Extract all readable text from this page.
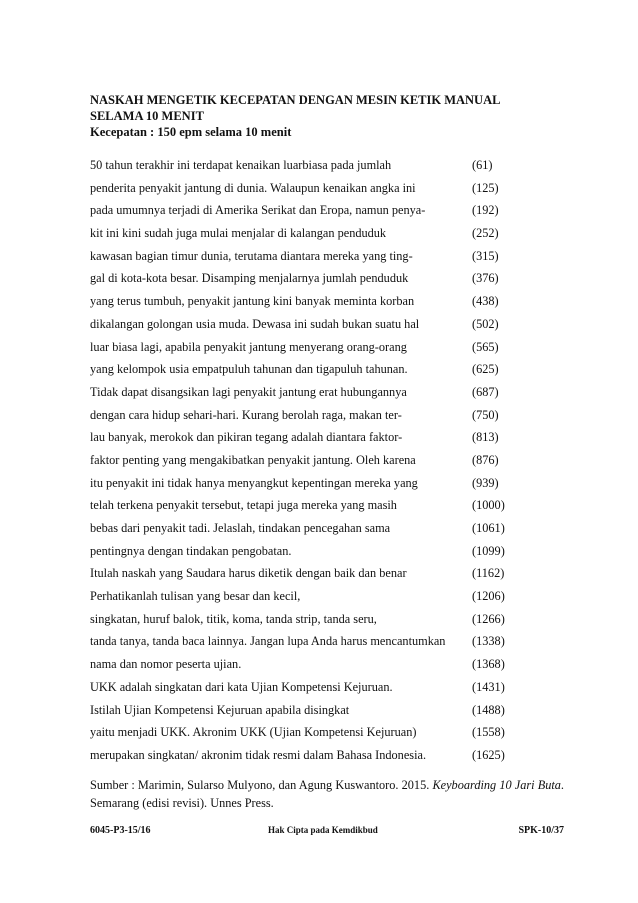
NASKAH MENGETIK KECEPATAN DENGAN MESIN KETIK MANUAL
SELAMA 10 MENIT
Kecepatan : 150 epm selama 10 menit
50 tahun terakhir ini terdapat kenaikan luarbiasa pada jumlah	(61)
penderita penyakit jantung di dunia. Walaupun kenaikan angka ini	(125)
pada umumnya terjadi di Amerika Serikat dan Eropa, namun penya-	(192)
kit ini kini sudah juga mulai menjalar di kalangan penduduk	(252)
kawasan bagian timur dunia, terutama diantara mereka yang ting-	(315)
gal di kota-kota besar. Disamping menjalarnya jumlah penduduk	(376)
yang terus tumbuh, penyakit jantung kini banyak meminta korban	(438)
dikalangan golongan usia muda. Dewasa ini sudah bukan suatu hal	(502)
luar biasa lagi, apabila penyakit jantung menyerang orang-orang	(565)
yang kelompok usia empatpuluh tahunan dan tigapuluh tahunan.	(625)
Tidak dapat disangsikan lagi penyakit jantung erat hubungannya	(687)
dengan cara hidup sehari-hari. Kurang berolah raga, makan ter-	(750)
lau banyak, merokok dan pikiran tegang adalah diantara faktor-	(813)
faktor penting yang mengakibatkan penyakit jantung. Oleh karena	(876)
itu penyakit ini tidak hanya menyangkut kepentingan mereka yang	(939)
telah terkena penyakit tersebut, tetapi juga mereka yang masih	(1000)
bebas dari penyakit tadi. Jelaslah, tindakan pencegahan sama	(1061)
pentingnya dengan tindakan pengobatan.	(1099)
Itulah naskah yang Saudara harus diketik dengan baik dan benar	(1162)
Perhatikanlah tulisan yang besar dan kecil,	(1206)
singkatan, huruf balok, titik, koma, tanda strip, tanda seru,	(1266)
tanda tanya, tanda baca lainnya. Jangan lupa Anda harus mencantumkan (1338)
nama dan nomor peserta ujian.	(1368)
UKK adalah singkatan dari kata Ujian Kompetensi Kejuruan.	(1431)
Istilah Ujian Kompetensi Kejuruan apabila disingkat	(1488)
yaitu menjadi UKK. Akronim UKK (Ujian Kompetensi Kejuruan)	(1558)
merupakan singkatan/ akronim tidak resmi dalam Bahasa Indonesia.	(1625)
Sumber : Marimin, Sularso Mulyono, dan Agung Kuswantoro. 2015. Keyboarding 10 Jari Buta. Semarang (edisi revisi). Unnes Press.
6045-P3-15/16	Hak Cipta pada Kemdikbud	SPK-10/37
